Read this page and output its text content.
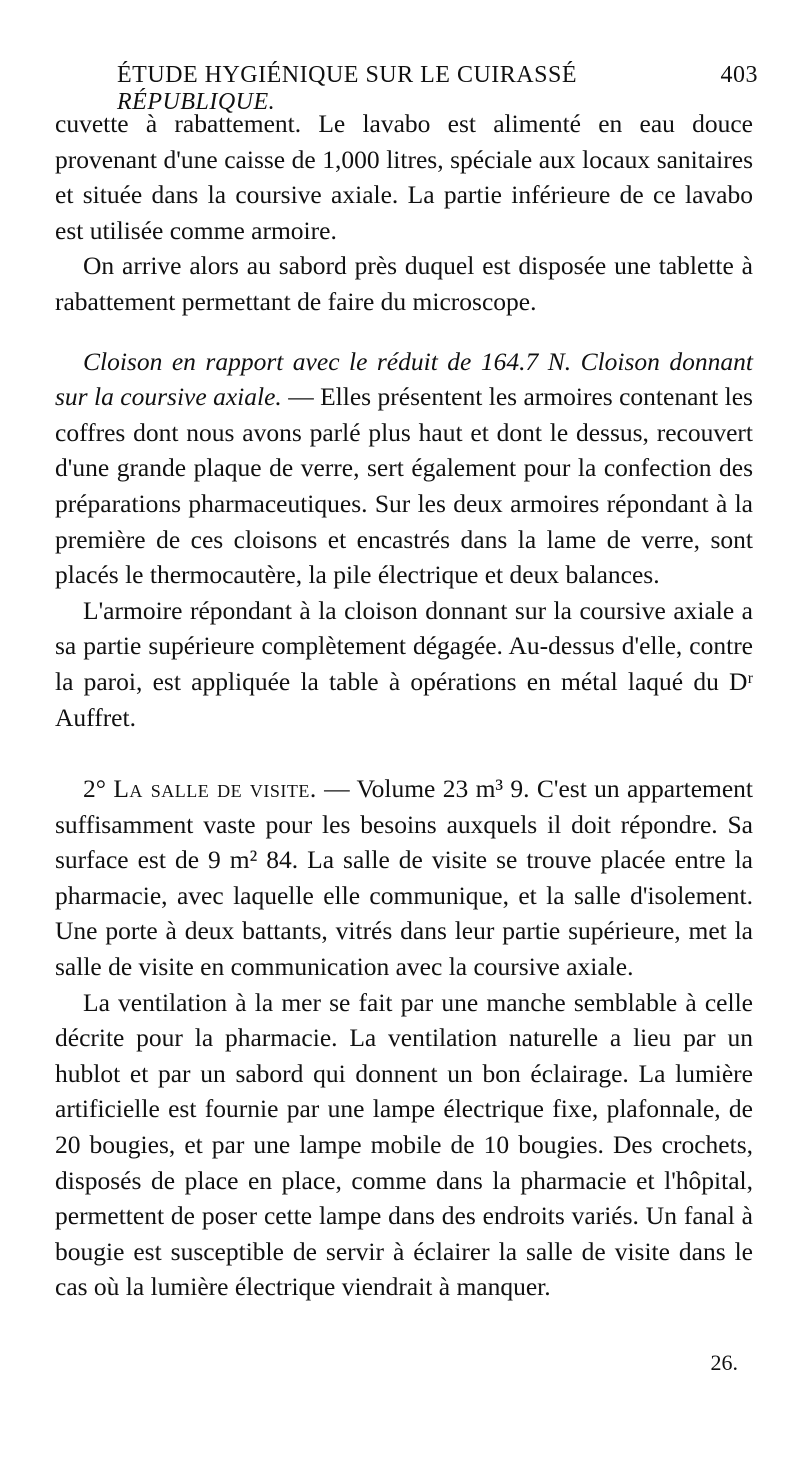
ÉTUDE HYGIÉNIQUE SUR LE CUIRASSÉ RÉPUBLIQUE.
403

cuvette à rabattement. Le lavabo est alimenté en eau douce provenant d'une caisse de 1,000 litres, spéciale aux locaux sanitaires et située dans la coursive axiale. La partie inférieure de ce lavabo est utilisée comme armoire.

On arrive alors au sabord près duquel est disposée une tablette à rabattement permettant de faire du microscope.

Cloison en rapport avec le réduit de 164.7 N. Cloison donnant sur la coursive axiale. — Elles présentent les armoires contenant les coffres dont nous avons parlé plus haut et dont le dessus, recouvert d'une grande plaque de verre, sert également pour la confection des préparations pharmaceutiques. Sur les deux armoires répondant à la première de ces cloisons et encastrés dans la lame de verre, sont placés le thermocautère, la pile électrique et deux balances.

L'armoire répondant à la cloison donnant sur la coursive axiale a sa partie supérieure complètement dégagée. Au-dessus d'elle, contre la paroi, est appliquée la table à opérations en métal laqué du Dʳ Auffret.

2° La salle de visite. — Volume 23 m³ 9. C'est un appartement suffisamment vaste pour les besoins auxquels il doit répondre. Sa surface est de 9 m² 84. La salle de visite se trouve placée entre la pharmacie, avec laquelle elle communique, et la salle d'isolement. Une porte à deux battants, vitrés dans leur partie supérieure, met la salle de visite en communication avec la coursive axiale.

La ventilation à la mer se fait par une manche semblable à celle décrite pour la pharmacie. La ventilation naturelle a lieu par un hublot et par un sabord qui donnent un bon éclairage. La lumière artificielle est fournie par une lampe électrique fixe, plafonnale, de 20 bougies, et par une lampe mobile de 10 bougies. Des crochets, disposés de place en place, comme dans la pharmacie et l'hôpital, permettent de poser cette lampe dans des endroits variés. Un fanal à bougie est susceptible de servir à éclairer la salle de visite dans le cas où la lumière électrique viendrait à manquer.

26.
